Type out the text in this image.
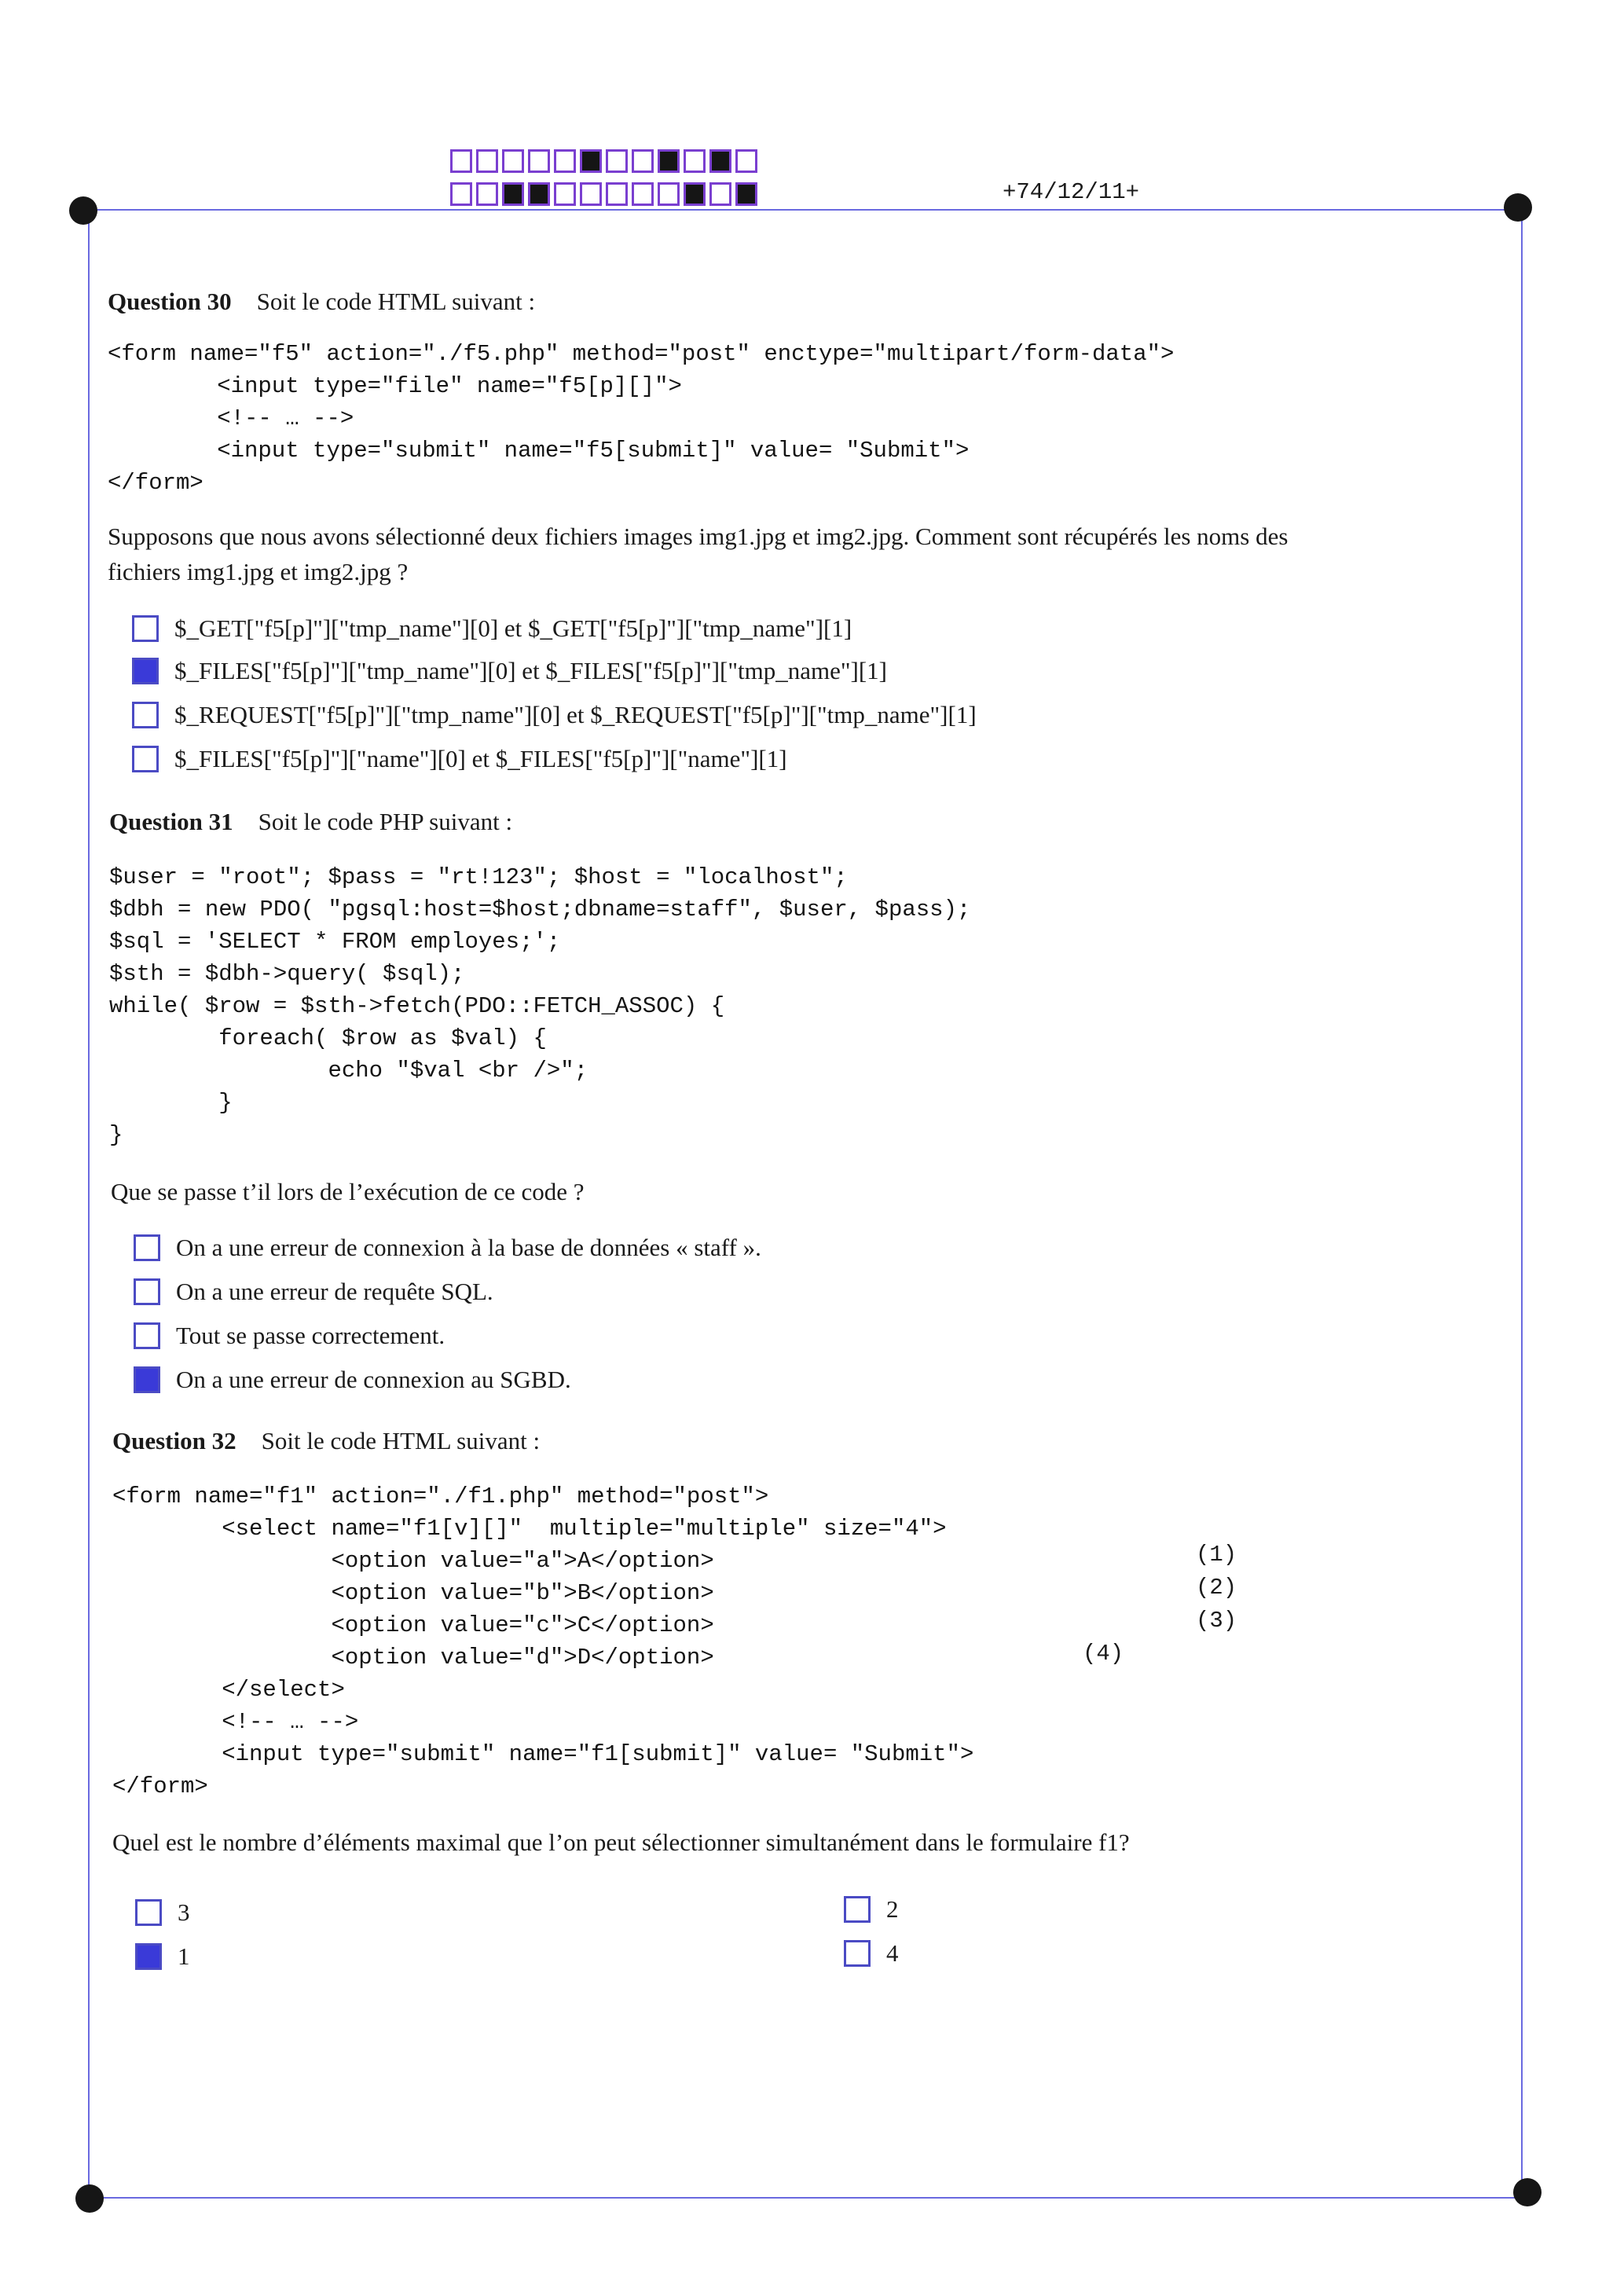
+74/12/11+
Question 30 Soit le code HTML suivant :
<form name="f5" action="./f5.php" method="post" enctype="multipart/form-data">
<input type="file" name="f5[p][]">
<!-- … -->
<input type="submit" name="f5[submit]" value= "Submit">
</form>
Supposons que nous avons sélectionné deux fichiers images img1.jpg et img2.jpg. Comment sont récupérés les noms des
fichiers img1.jpg et img2.jpg ?
$_GET["f5[p]"]["tmp_name"][0] et $_GET["f5[p]"]["tmp_name"][1]
$_FILES["f5[p]"]["tmp_name"][0] et $_FILES["f5[p]"]["tmp_name"][1]
$_REQUEST["f5[p]"]["tmp_name"][0] et $_REQUEST["f5[p]"]["tmp_name"][1]
$_FILES["f5[p]"]["name"][0] et $_FILES["f5[p]"]["name"][1]
Question 31 Soit le code PHP suivant :
$user = "root"; $pass = "rt!123"; $host = "localhost";
$dbh = new PDO( "pgsql:host=$host;dbname=staff", $user, $pass);
$sql = 'SELECT * FROM employes;';
$sth = $dbh->query( $sql);
while( $row = $sth->fetch(PDO::FETCH_ASSOC) {
foreach( $row as $val) {
echo "$val <br />";
}
}
Que se passe t’il lors de l’exécution de ce code ?
On a une erreur de connexion à la base de données « staff ».
On a une erreur de requête SQL.
Tout se passe correctement.
On a une erreur de connexion au SGBD.
Question 32 Soit le code HTML suivant :
<form name="f1" action="./f1.php" method="post">
<select name="f1[v][]"  multiple="multiple" size="4">
<option value="a">A</option>
<option value="b">B</option>
<option value="c">C</option>
<option value="d">D</option>
</select>
<!-- … -->
<input type="submit" name="f1[submit]" value= "Submit">
</form>
(1)
(2)
(3)
(4)
Quel est le nombre d’éléments maximal que l’on peut sélectionner simultanément dans le formulaire f1?
3	2
1	4
